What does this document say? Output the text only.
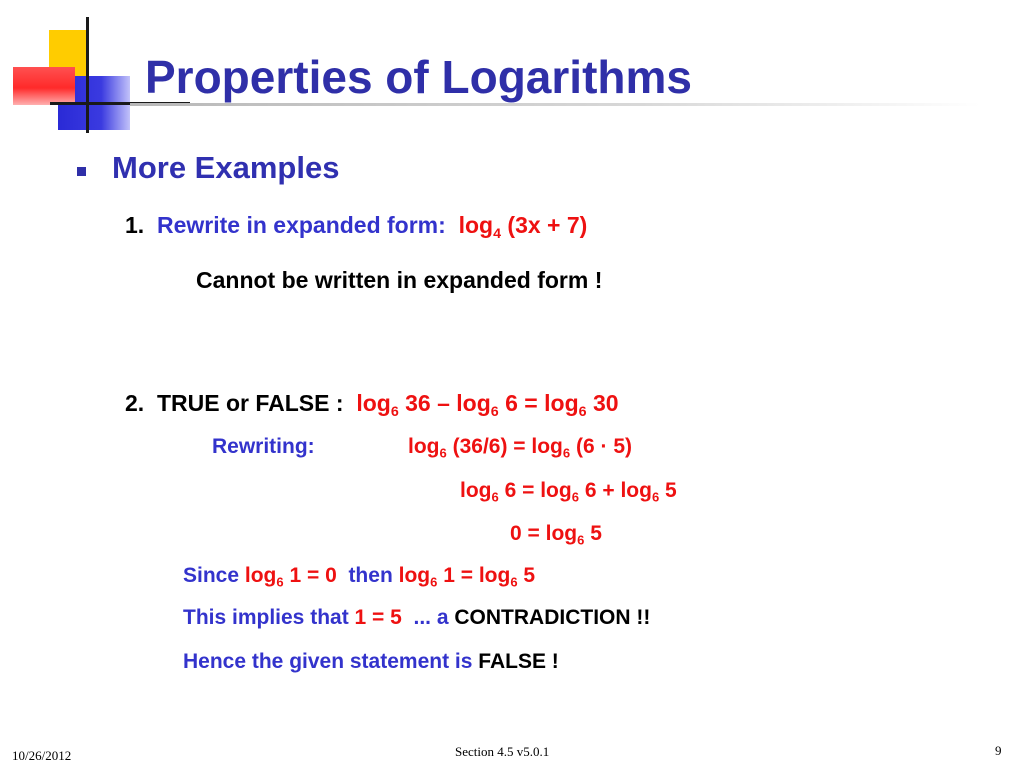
Properties of Logarithms
More Examples
1. Rewrite in expanded form: $\log_4 (3x + 7)$
Cannot be written in expanded form !
2. TRUE or FALSE : $\log_6 36 - \log_6 6 = \log_6 30$
Rewriting:	$\log_6 (36/6) = \log_6 (6 \cdot 5)$
$\log_6 6 = \log_6 6 + \log_6 5$
$0 = \log_6 5$
Since $\log_6 1 = 0$ then $\log_6 1 = \log_6 5$
This implies that 1 = 5 ... a CONTRADICTION !!
Hence the given statement is FALSE !
10/26/2012	Section 4.5 v5.0.1	9
